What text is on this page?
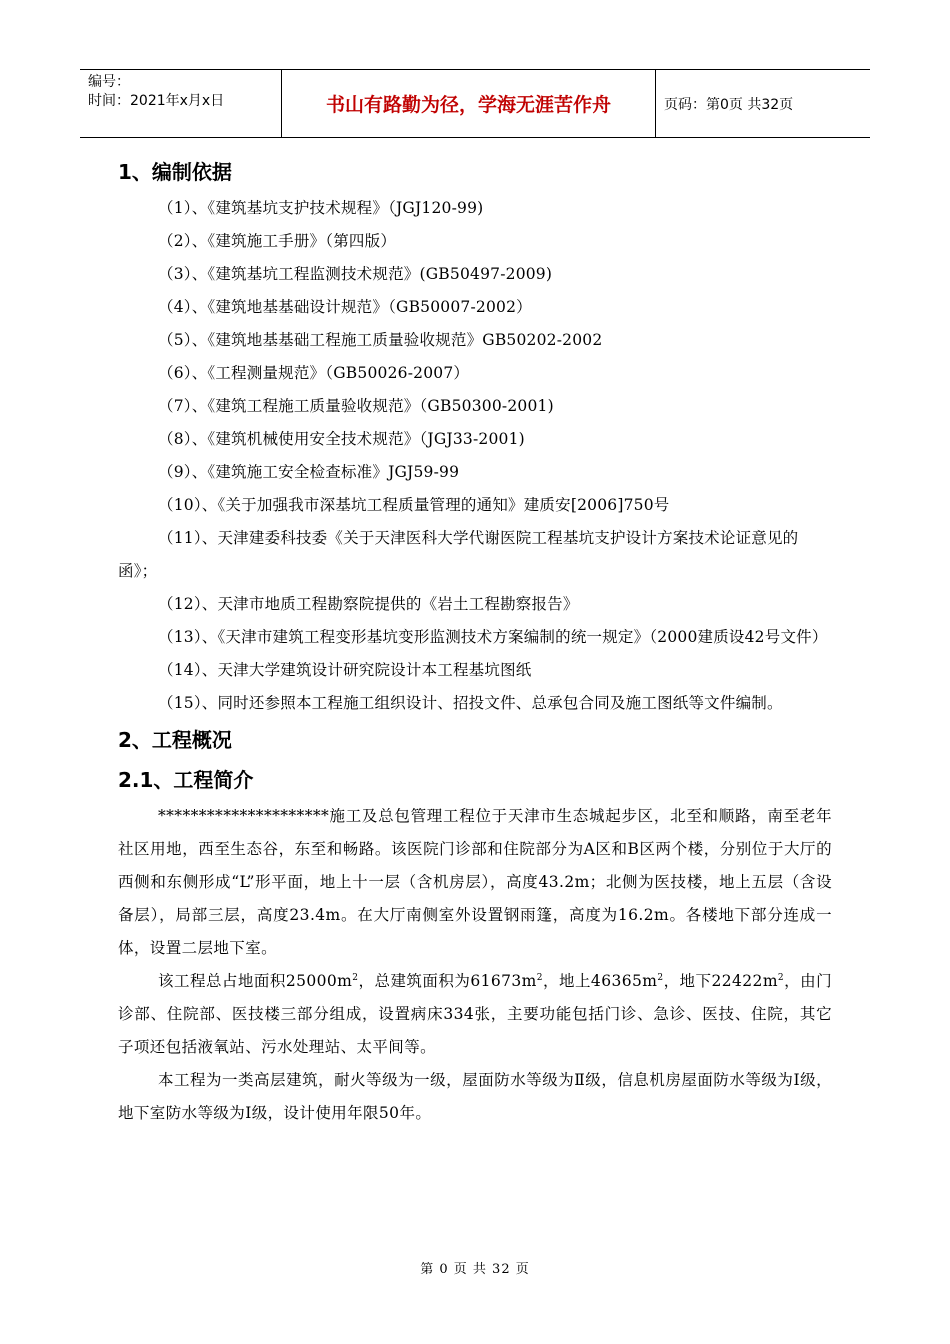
编号：
时间：2021年x月x日	书山有路勤为径，学海无涯苦作舟	页码：第0页 共32页
1、编制依据

（1）、《建筑基坑支护技术规程》（JGJ120-99)

（2）、《建筑施工手册》（第四版）

（3）、《建筑基坑工程监测技术规范》(GB50497-2009)

（4）、《建筑地基基础设计规范》（GB50007-2002）

（5）、《建筑地基基础工程施工质量验收规范》GB50202-2002

（6）、《工程测量规范》（GB50026-2007）

（7）、《建筑工程施工质量验收规范》（GB50300-2001)

（8）、《建筑机械使用安全技术规范》（JGJ33-2001)

（9）、《建筑施工安全检查标准》JGJ59-99

（10）、《关于加强我市深基坑工程质量管理的通知》建质安[2006]750号

（11）、天津建委科技委《关于天津医科大学代谢医院工程基坑支护设计方案技术论证意见的函》；

（12）、天津市地质工程勘察院提供的《岩土工程勘察报告》

（13）、《天津市建筑工程变形基坑变形监测技术方案编制的统一规定》（2000建质设42号文件）

（14）、天津大学建筑设计研究院设计本工程基坑图纸

（15）、同时还参照本工程施工组织设计、招投文件、总承包合同及施工图纸等文件编制。

2、工程概况
2.1、工程简介

*********************施工及总包管理工程位于天津市生态城起步区，北至和顺路，南至老年社区用地，西至生态谷，东至和畅路。该医院门诊部和住院部分为A区和B区两个楼，分别位于大厅的西侧和东侧形成“L”形平面，地上十一层（含机房层），高度43.2m；北侧为医技楼，地上五层（含设备层），局部三层，高度23.4m。在大厅南侧室外设置钢雨篷，高度为16.2m。各楼地下部分连成一体，设置二层地下室。

该工程总占地面积$25000m^2$，总建筑面积为$61673m^2$，地上$46365m^2$，地下$22422m^2$，由门诊部、住院部、医技楼三部分组成，设置病床334张，主要功能包括门诊、急诊、医技、住院，其它子项还包括液氧站、污水处理站、太平间等。

本工程为一类高层建筑，耐火等级为一级，屋面防水等级为Ⅱ级，信息机房屋面防水等级为Ⅰ级，地下室防水等级为Ⅰ级，设计使用年限50年。

第 0 页 共 32 页
